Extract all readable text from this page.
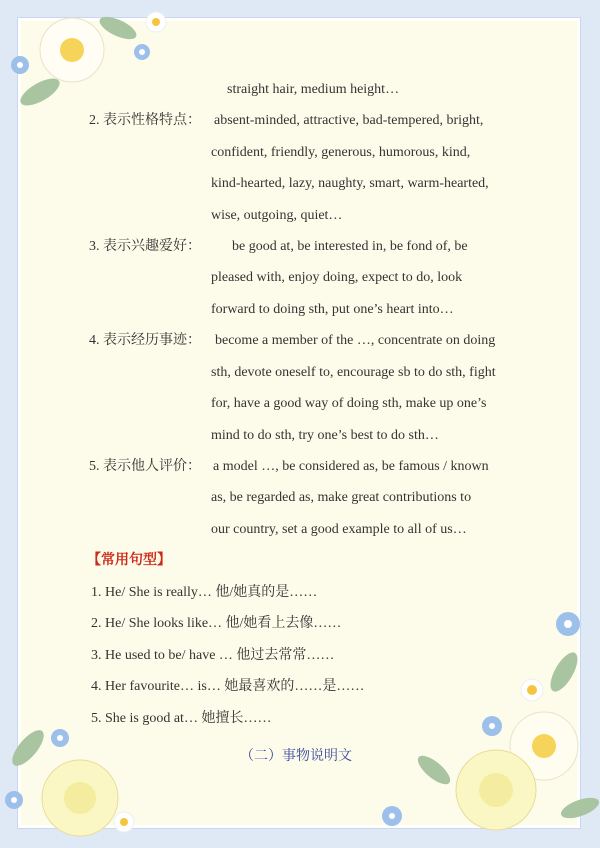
straight hair, medium height…
2. 表示性格特点： absent-minded, attractive, bad-tempered, bright,
confident, friendly, generous, humorous, kind,
kind-hearted, lazy, naughty, smart, warm-hearted,
wise, outgoing, quiet…
3. 表示兴趣爱好： be good at, be interested in, be fond of, be
pleased with, enjoy doing, expect to do, look
forward to doing sth, put one’s heart into…
4. 表示经历事迹： become a member of the …, concentrate on doing
sth, devote oneself to, encourage sb to do sth, fight
for, have a good way of doing sth, make up one’s
mind to do sth, try one’s best to do sth…
5. 表示他人评价： a model …, be considered as, be famous / known
as, be regarded as, make great contributions to
our country, set a good example to all of us…
【常用句型】
1. He/ She is really… 他/她真的是……
2. He/ She looks like… 他/她看上去像……
3. He used to be/ have … 他过去常常……
4. Her favourite… is… 她最喜欢的……是……
5. She is good at… 她擅长……
（二）事物说明文
